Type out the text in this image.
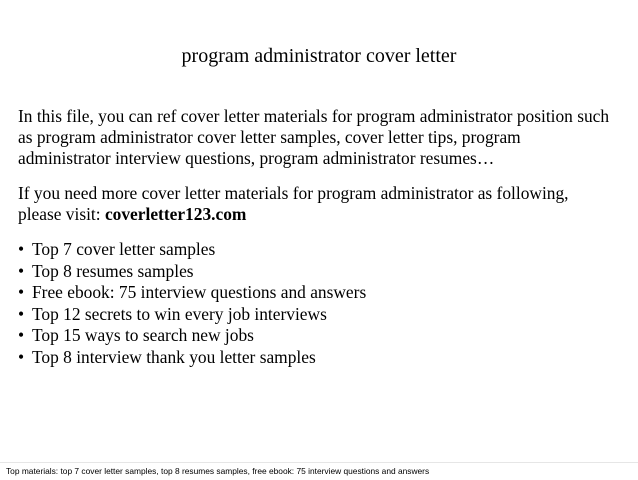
program administrator cover letter
In this file, you can ref cover letter materials for program administrator position such
as program administrator cover letter samples, cover letter tips, program
administrator interview questions, program administrator resumes…
If you need more cover letter materials for program administrator as following,
please visit: coverletter123.com
• Top 7 cover letter samples
• Top 8 resumes samples
• Free ebook: 75 interview questions and answers
• Top 12 secrets to win every job interviews
• Top 15 ways to search new jobs
• Top 8 interview thank you letter samples
Top materials: top 7 cover letter samples, top 8 resumes samples, free ebook: 75 interview questions and answers
